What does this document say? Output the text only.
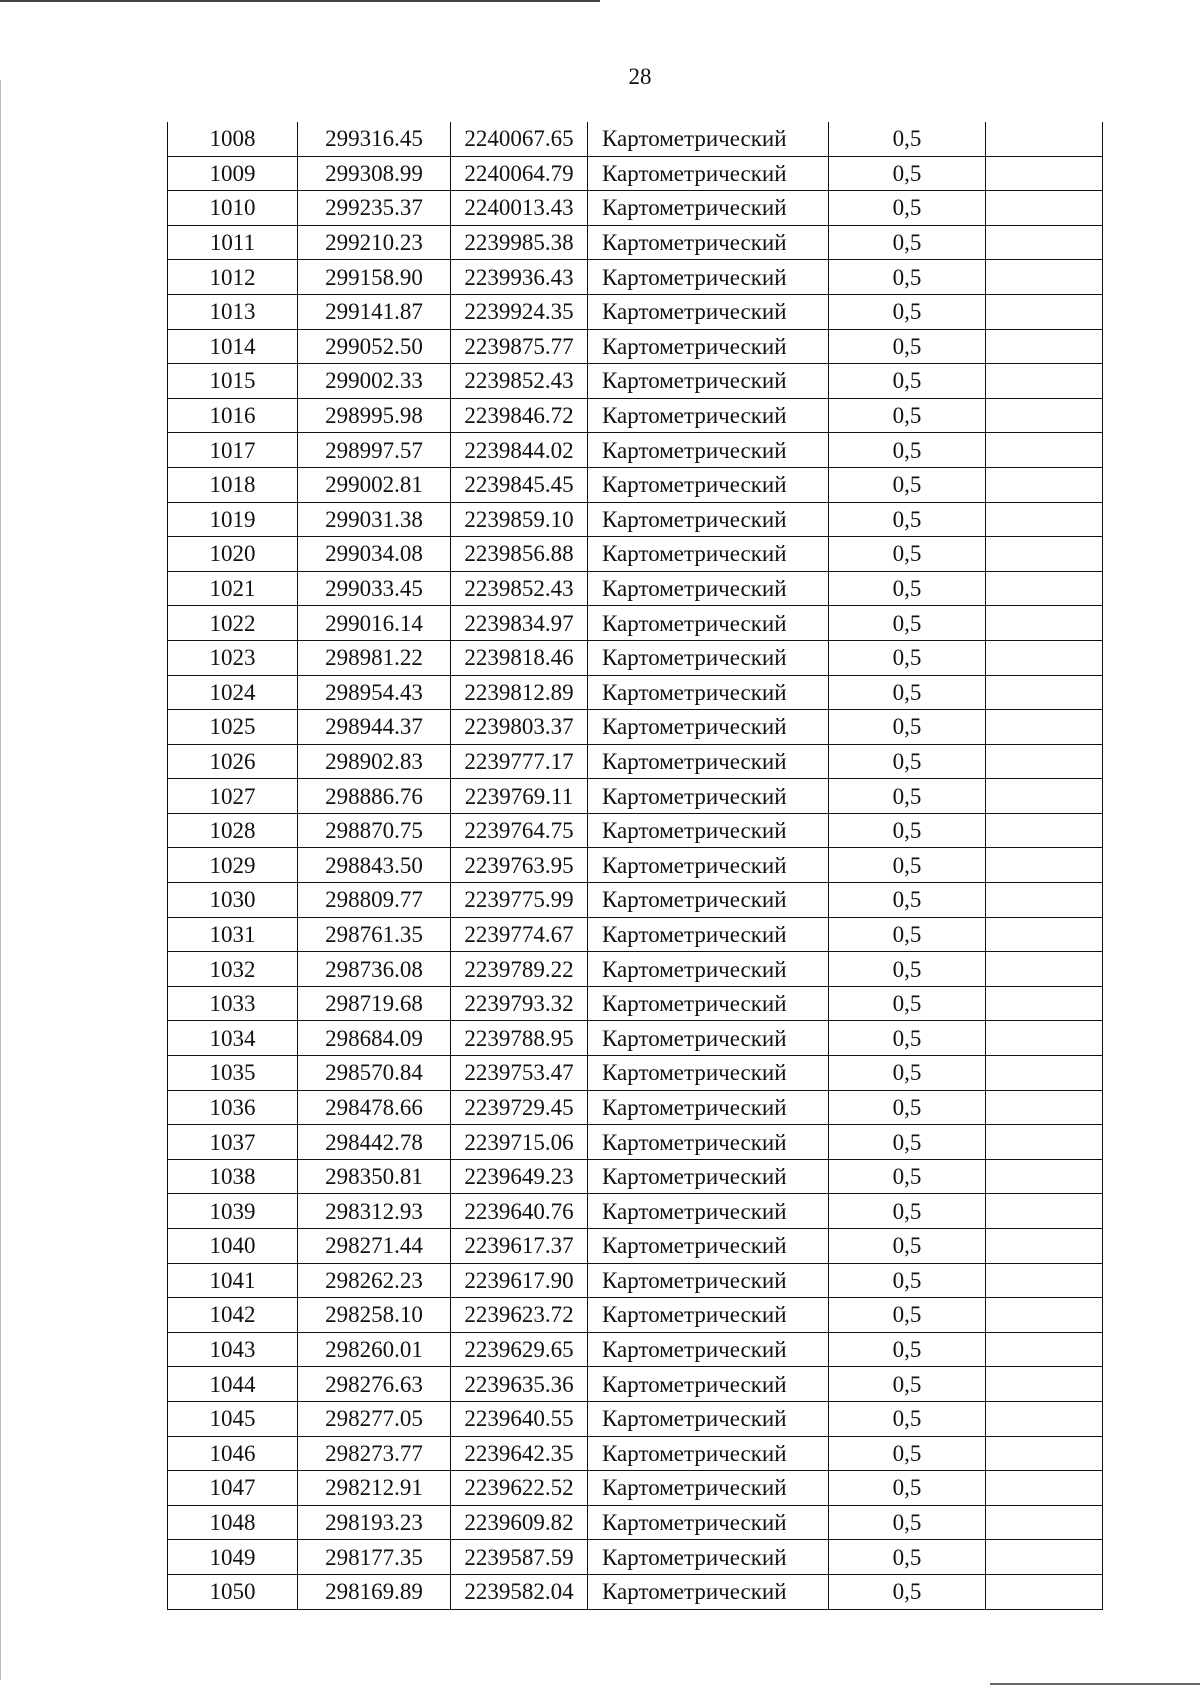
28
1008	299316.45	2240067.65	Картометрический	0,5	
1009	299308.99	2240064.79	Картометрический	0,5	
1010	299235.37	2240013.43	Картометрический	0,5	
1011	299210.23	2239985.38	Картометрический	0,5	
1012	299158.90	2239936.43	Картометрический	0,5	
1013	299141.87	2239924.35	Картометрический	0,5	
1014	299052.50	2239875.77	Картометрический	0,5	
1015	299002.33	2239852.43	Картометрический	0,5	
1016	298995.98	2239846.72	Картометрический	0,5	
1017	298997.57	2239844.02	Картометрический	0,5	
1018	299002.81	2239845.45	Картометрический	0,5	
1019	299031.38	2239859.10	Картометрический	0,5	
1020	299034.08	2239856.88	Картометрический	0,5	
1021	299033.45	2239852.43	Картометрический	0,5	
1022	299016.14	2239834.97	Картометрический	0,5	
1023	298981.22	2239818.46	Картометрический	0,5	
1024	298954.43	2239812.89	Картометрический	0,5	
1025	298944.37	2239803.37	Картометрический	0,5	
1026	298902.83	2239777.17	Картометрический	0,5	
1027	298886.76	2239769.11	Картометрический	0,5	
1028	298870.75	2239764.75	Картометрический	0,5	
1029	298843.50	2239763.95	Картометрический	0,5	
1030	298809.77	2239775.99	Картометрический	0,5	
1031	298761.35	2239774.67	Картометрический	0,5	
1032	298736.08	2239789.22	Картометрический	0,5	
1033	298719.68	2239793.32	Картометрический	0,5	
1034	298684.09	2239788.95	Картометрический	0,5	
1035	298570.84	2239753.47	Картометрический	0,5	
1036	298478.66	2239729.45	Картометрический	0,5	
1037	298442.78	2239715.06	Картометрический	0,5	
1038	298350.81	2239649.23	Картометрический	0,5	
1039	298312.93	2239640.76	Картометрический	0,5	
1040	298271.44	2239617.37	Картометрический	0,5	
1041	298262.23	2239617.90	Картометрический	0,5	
1042	298258.10	2239623.72	Картометрический	0,5	
1043	298260.01	2239629.65	Картометрический	0,5	
1044	298276.63	2239635.36	Картометрический	0,5	
1045	298277.05	2239640.55	Картометрический	0,5	
1046	298273.77	2239642.35	Картометрический	0,5	
1047	298212.91	2239622.52	Картометрический	0,5	
1048	298193.23	2239609.82	Картометрический	0,5	
1049	298177.35	2239587.59	Картометрический	0,5	
1050	298169.89	2239582.04	Картометрический	0,5	
